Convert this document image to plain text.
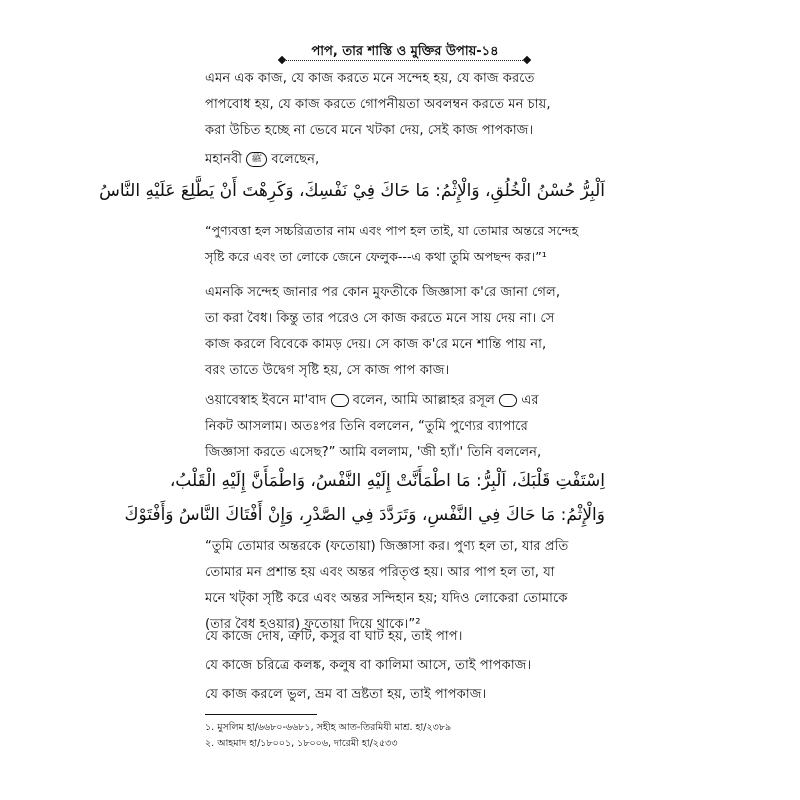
পাপ, তার শাস্তি ও মুক্তির উপায়-১৪

এমন এক কাজ, যে কাজ করতে মনে সন্দেহ হয়, যে কাজ করতে

পাপবোধ হয়, যে কাজ করতে গোপনীয়তা অবলম্বন করতে মন চায়,

করা উচিত হচ্ছে না ভেবে মনে খটকা দেয়, সেই কাজ পাপকাজ।

মহানবী ﷺ বলেছেন,

اَلْبِرُّ حُسْنُ الْخُلُقِ، وَالْإِثْمُ: مَا حَاكَ فِيْ نَفْسِكَ، وَكَرِهْتَ أَنْ يَطَّلِعَ عَلَيْهِ النَّاسُ

“পুণ্যবত্তা হল সচ্চরিত্রতার নাম এবং পাপ হল তাই, যা তোমার অন্তরে সন্দেহ

সৃষ্টি করে এবং তা লোকে জেনে ফেলুক---এ কথা তুমি অপছন্দ কর।”¹

এমনকি সন্দেহ জানার পর কোন মুফতীকে জিজ্ঞাসা ক'রে জানা গেল,

তা করা বৈধ। কিন্তু তার পরেও সে কাজ করতে মনে সায় দেয় না। সে

কাজ করলে বিবেকে কামড় দেয়। সে কাজ ক'রে মনে শান্তি পায় না,

বরং তাতে উদ্বেগ সৃষ্টি হয়, সে কাজ পাপ কাজ।

ওয়াবেস্বাহ ইবনে মা'বাদ বলেন, আমি আল্লাহর রসূল এর

নিকট আসলাম। অতঃপর তিনি বললেন, “তুমি পুণ্যের ব্যাপারে

জিজ্ঞাসা করতে এসেছ?” আমি বললাম, 'জী হ্যাঁ।' তিনি বললেন,

اِسْتَفْتِ قَلْبَكَ، اَلْبِرُّ: مَا اطْمَأَنَّتْ إِلَيْهِ النَّفْسُ، وَاطْمَأَنَّ إِلَيْهِ الْقَلْبُ،
وَالْإِثْمُ: مَا حَاكَ فِي النَّفْسِ، وَتَرَدَّدَ فِي الصَّدْرِ، وَإِنْ أَفْتَاكَ النَّاسُ وَأَفْتَوْكَ

“তুমি তোমার অন্তরকে (ফতোয়া) জিজ্ঞাসা কর। পুণ্য হল তা, যার প্রতি

তোমার মন প্রশান্ত হয় এবং অন্তর পরিতৃপ্ত হয়। আর পাপ হল তা, যা

মনে খট্‌কা সৃষ্টি করে এবং অন্তর সন্দিহান হয়; যদিও লোকেরা তোমাকে

(তার বৈধ হওয়ার) ফতোয়া দিয়ে থাকে।”²

যে কাজে দোষ, ত্রুটি, কসুর বা ঘাট হয়, তাই পাপ।

যে কাজে চরিত্রে কলঙ্ক, কলুষ বা কালিমা আসে, তাই পাপকাজ।

যে কাজ করলে ভুল, ভ্রম বা ভ্রষ্টতা হয়, তাই পাপকাজ।

১. মুসলিম হা/৬৬৮০-৬৬৮১, সহীহ আত-তিরমিযী মাশ্র. হা/২৩৮৯

২. আহমাদ হা/১৮০০১, ১৮০০৬, দারেমী হা/২৫৩৩
